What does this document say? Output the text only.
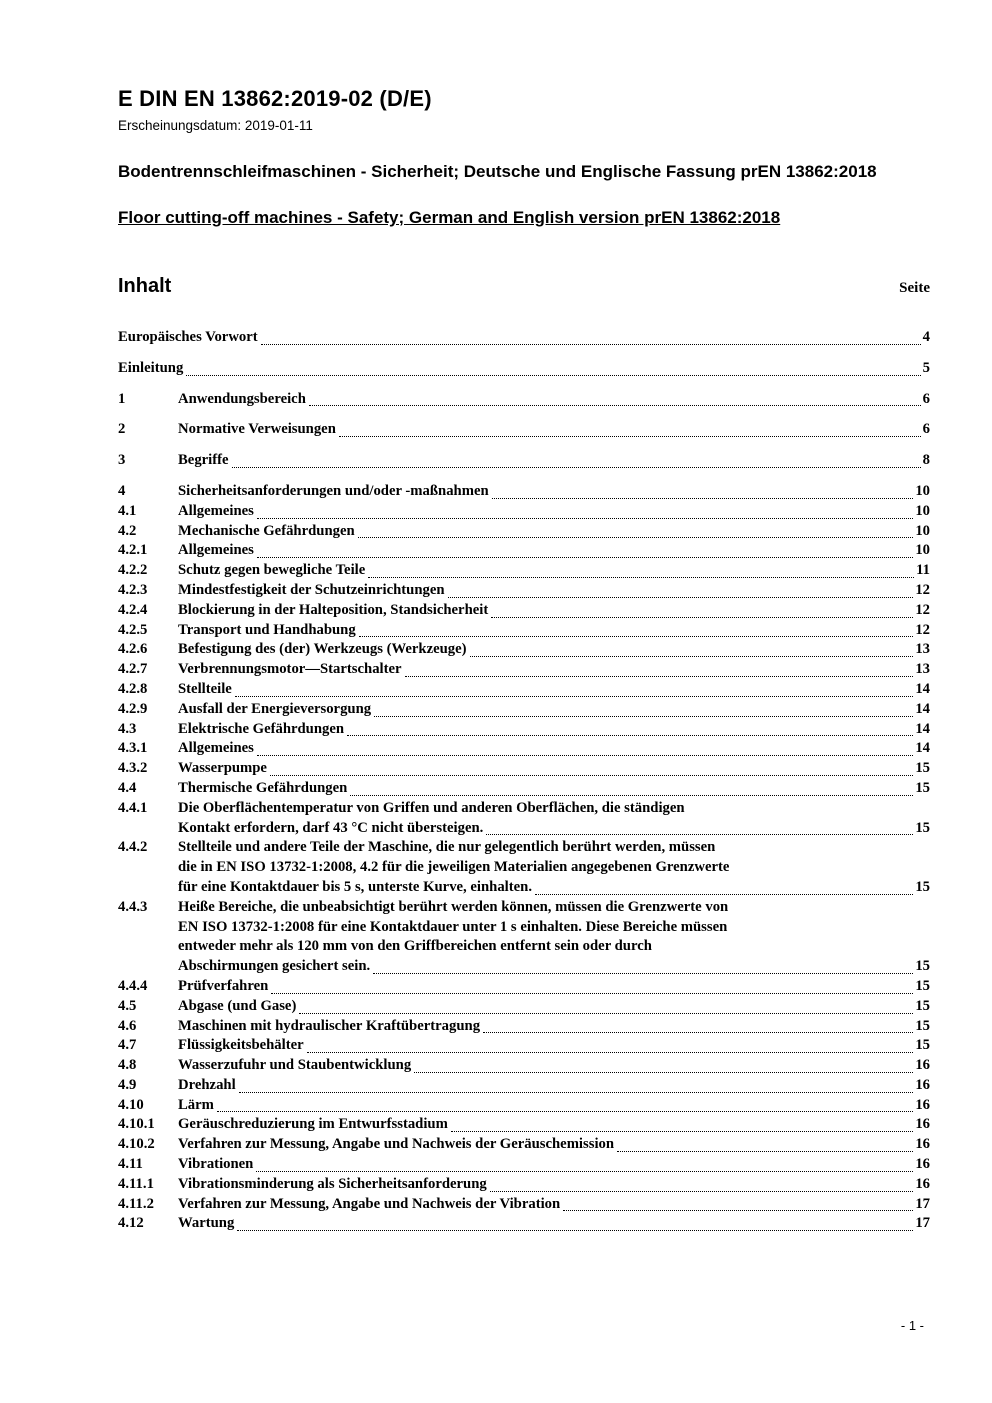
E DIN EN 13862:2019-02 (D/E)
Erscheinungsdatum: 2019-01-11

Bodentrennschleifmaschinen - Sicherheit; Deutsche und Englische Fassung prEN 13862:2018

Floor cutting-off machines - Safety; German and English version prEN 13862:2018

Inhalt	Seite
Europäisches Vorwort	4
Einleitung	5
1	Anwendungsbereich	6
2	Normative Verweisungen	6
3	Begriffe	8
4	Sicherheitsanforderungen und/oder -maßnahmen	10
4.1	Allgemeines	10
4.2	Mechanische Gefährdungen	10
4.2.1	Allgemeines	10
4.2.2	Schutz gegen bewegliche Teile	11
4.2.3	Mindestfestigkeit der Schutzeinrichtungen	12
4.2.4	Blockierung in der Halteposition, Standsicherheit	12
4.2.5	Transport und Handhabung	12
4.2.6	Befestigung des (der) Werkzeugs (Werkzeuge)	13
4.2.7	Verbrennungsmotor—Startschalter	13
4.2.8	Stellteile	14
4.2.9	Ausfall der Energieversorgung	14
4.3	Elektrische Gefährdungen	14
4.3.1	Allgemeines	14
4.3.2	Wasserpumpe	15
4.4	Thermische Gefährdungen	15
4.4.1	Die Oberflächentemperatur von Griffen und anderen Oberflächen, die ständigen
Kontakt erfordern, darf 43 °C nicht übersteigen.	15
4.4.2	Stellteile und andere Teile der Maschine, die nur gelegentlich berührt werden, müssen
die in EN ISO 13732-1:2008, 4.2 für die jeweiligen Materialien angegebenen Grenzwerte
für eine Kontaktdauer bis 5 s, unterste Kurve, einhalten.	15
4.4.3	Heiße Bereiche, die unbeabsichtigt berührt werden können, müssen die Grenzwerte von
EN ISO 13732-1:2008 für eine Kontaktdauer unter 1 s einhalten. Diese Bereiche müssen
entweder mehr als 120 mm von den Griffbereichen entfernt sein oder durch
Abschirmungen gesichert sein.	15
4.4.4	Prüfverfahren	15
4.5	Abgase (und Gase)	15
4.6	Maschinen mit hydraulischer Kraftübertragung	15
4.7	Flüssigkeitsbehälter	15
4.8	Wasserzufuhr und Staubentwicklung	16
4.9	Drehzahl	16
4.10	Lärm	16
4.10.1	Geräuschreduzierung im Entwurfsstadium	16
4.10.2	Verfahren zur Messung, Angabe und Nachweis der Geräuschemission	16
4.11	Vibrationen	16
4.11.1	Vibrationsminderung als Sicherheitsanforderung	16
4.11.2	Verfahren zur Messung, Angabe und Nachweis der Vibration	17
4.12	Wartung	17
- 1 -
